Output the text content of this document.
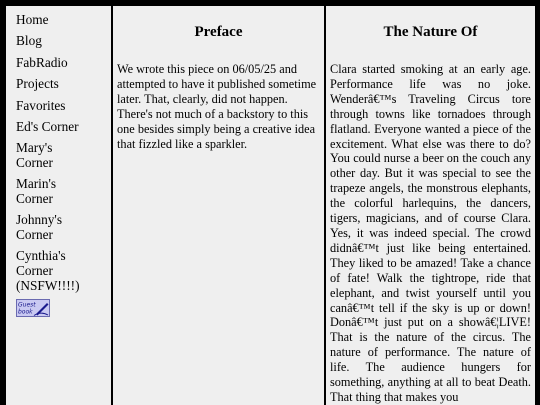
Home
Blog
FabRadio
Projects
Favorites
Ed's Corner
Mary's Corner
Marin's Corner
Johnny's Corner
Cynthia's Corner (NSFW!!!!)
Guest
book
Preface

We wrote this piece on 06/05/25 and attempted to have it published sometime later. That, clearly, did not happen. There's not much of a backstory to this one besides simply being a creative idea that fizzled like a sparkler.

The Nature Of

Clara started smoking at an early age. Performance life was no joke. Wenderâ€™s Traveling Circus tore through towns like tornadoes through flatland. Everyone wanted a piece of the excitement. What else was there to do? You could nurse a beer on the couch any other day. But it was special to see the trapeze angels, the monstrous elephants, the colorful harlequins, the dancers, tigers, magicians, and of course Clara. Yes, it was indeed special. The crowd didnâ€™t just like being entertained. They liked to be amazed! Take a chance of fate! Walk the tightrope, ride that elephant, and twist yourself until you canâ€™t tell if the sky is up or down! Donâ€™t just put on a showâ€¦LIVE! That is the nature of the circus. The nature of performance. The nature of life. The audience hungers for something, anything at all to beat Death. That thing that makes you
